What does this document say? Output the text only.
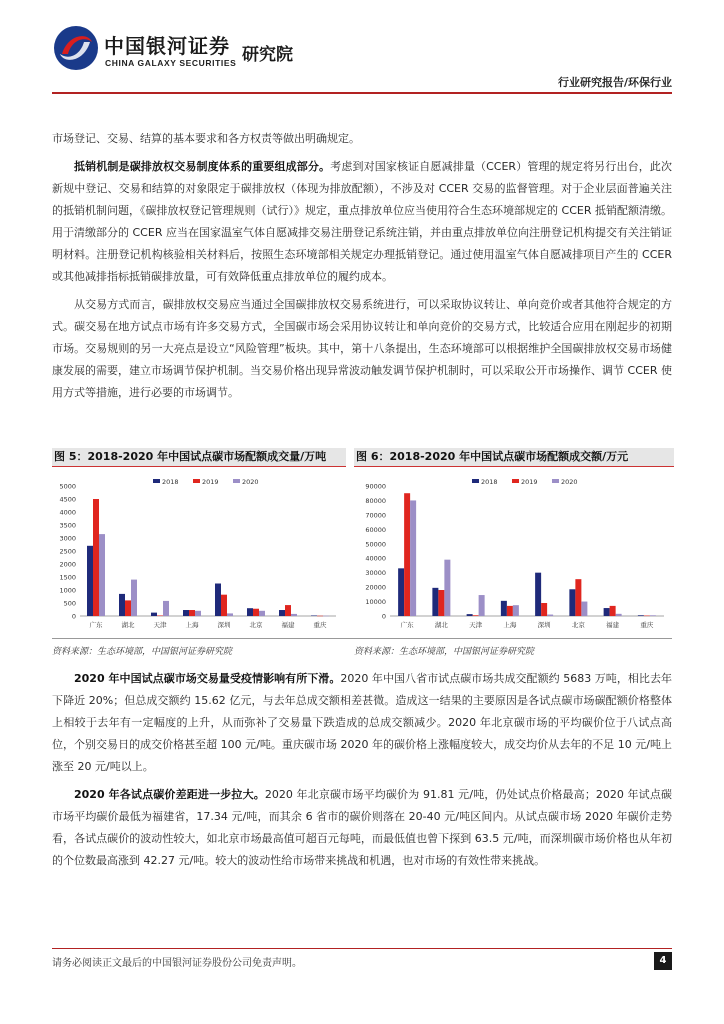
中国银河证券
CHINA GALAXY SECURITIES 研究院
行业研究报告/环保行业

市场登记、交易、结算的基本要求和各方权责等做出明确规定。

抵销机制是碳排放权交易制度体系的重要组成部分。考虑到对国家核证自愿减排量（CCER）管理的规定将另行出台，此次新规中登记、交易和结算的对象限定于碳排放权（体现为排放配额），不涉及对 CCER 交易的监督管理。对于企业层面普遍关注的抵销机制问题，《碳排放权登记管理规则（试行）》规定，重点排放单位应当使用符合生态环境部规定的 CCER 抵销配额清缴。用于清缴部分的 CCER 应当在国家温室气体自愿减排交易注册登记系统注销，并由重点排放单位向注册登记机构提交有关注销证明材料。注册登记机构核验相关材料后，按照生态环境部相关规定办理抵销登记。通过使用温室气体自愿减排项目产生的 CCER 或其他减排指标抵销碳排放量，可有效降低重点排放单位的履约成本。

从交易方式而言，碳排放权交易应当通过全国碳排放权交易系统进行，可以采取协议转让、单向竞价或者其他符合规定的方式。碳交易在地方试点市场有许多交易方式，全国碳市场会采用协议转让和单向竞价的交易方式，比较适合应用在刚起步的初期市场。交易规则的另一大亮点是设立“风险管理”板块。其中，第十八条提出，生态环境部可以根据维护全国碳排放权交易市场健康发展的需要，建立市场调节保护机制。当交易价格出现异常波动触发调节保护机制时，可以采取公开市场操作、调节 CCER 使用方式等措施，进行必要的市场调节。

图 5：2018-2020 年中国试点碳市场配额成交量/万吨	图 6：2018-2020 年中国试点碳市场配额成交额/万元
0
500
1000
1500
2000
2500
3000
3500
4000
4500
5000
广东	湖北	天津	上海	深圳	北京	福建	重庆
2018	2019	2020
0
10000
20000
30000
40000
50000
60000
70000
80000
90000
广东	湖北	天津	上海	深圳	北京	福建	重庆
2018	2019	2020
资料来源：生态环境部，中国银河证券研究院	资料来源：生态环境部，中国银河证券研究院

2020 年中国试点碳市场交易量受疫情影响有所下滑。2020 年中国八省市试点碳市场共成交配额约 5683 万吨，相比去年下降近 20%；但总成交额约 15.62 亿元，与去年总成交额相差甚微。造成这一结果的主要原因是各试点碳市场碳配额价格整体上相较于去年有一定幅度的上升，从而弥补了交易量下跌造成的总成交额减少。2020 年北京碳市场的平均碳价位于八试点高位，个别交易日的成交价格甚至超 100 元/吨。重庆碳市场 2020 年的碳价格上涨幅度较大，成交均价从去年的不足 10 元/吨上涨至 20 元/吨以上。

2020 年各试点碳价差距进一步拉大。2020 年北京碳市场平均碳价为 91.81 元/吨，仍处试点价格最高；2020 年试点碳市场平均碳价最低为福建省，17.34 元/吨，而其余 6 省市的碳价则落在 20-40 元/吨区间内。从试点碳市场 2020 年碳价走势看，各试点碳价的波动性较大，如北京市场最高值可超百元每吨，而最低值也曾下探到 63.5 元/吨，而深圳碳市场价格也从年初的个位数最高涨到 42.27 元/吨。较大的波动性给市场带来挑战和机遇，也对市场的有效性带来挑战。

请务必阅读正文最后的中国银河证券股份公司免责声明。	4
